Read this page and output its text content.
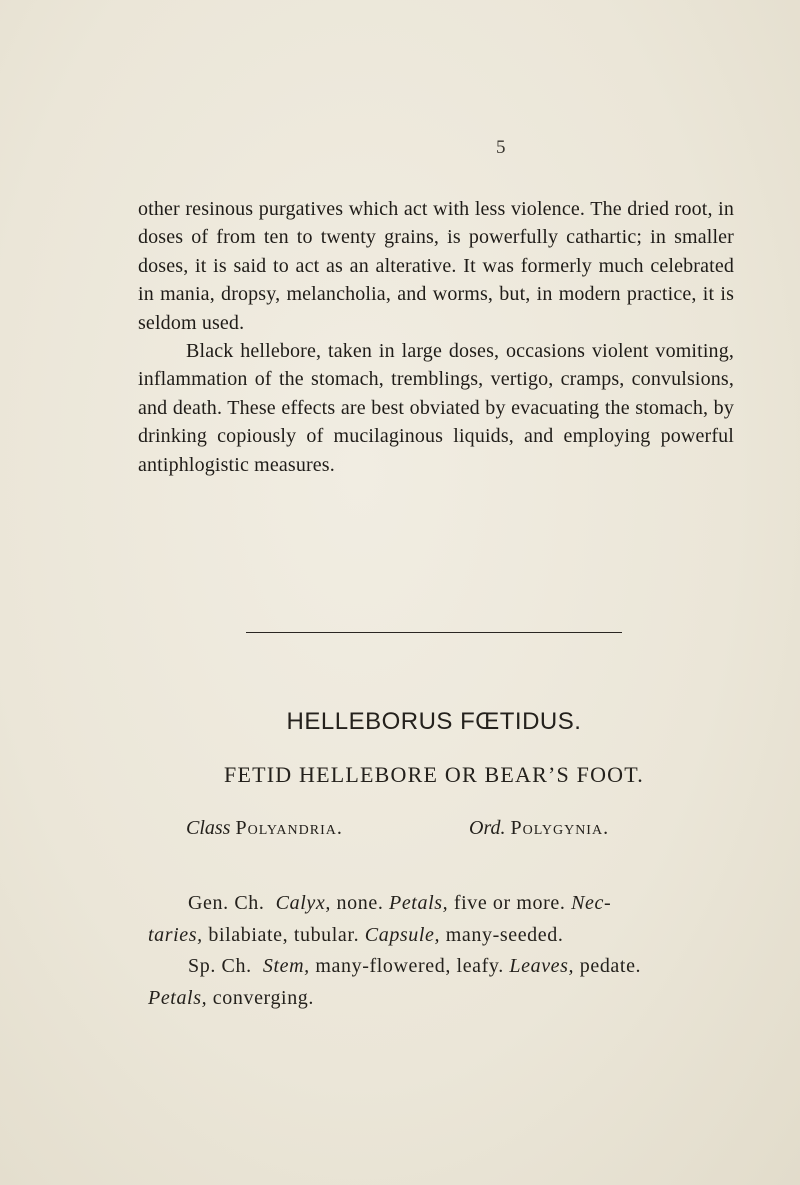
5

other resinous purgatives which act with less violence. The dried root, in doses of from ten to twenty grains, is powerfully cathartic; in smaller doses, it is said to act as an alterative. It was formerly much celebrated in mania, dropsy, melancholia, and worms, but, in modern practice, it is seldom used.

Black hellebore, taken in large doses, occasions violent vomiting, inflammation of the stomach, tremblings, vertigo, cramps, convulsions, and death. These effects are best obviated by evacuating the stomach, by drinking copiously of mucilaginous liquids, and employing powerful antiphlogistic measures.

HELLEBORUS FŒTIDUS.
FETID HELLEBORE OR BEAR’S FOOT.
Class Polyandria.	Ord. Polygynia.
Gen. Ch. Calyx, none. Petals, five or more. Nec-
taries, bilabiate, tubular. Capsule, many-seeded.
Sp. Ch. Stem, many-flowered, leafy. Leaves, pedate.
Petals, converging.
